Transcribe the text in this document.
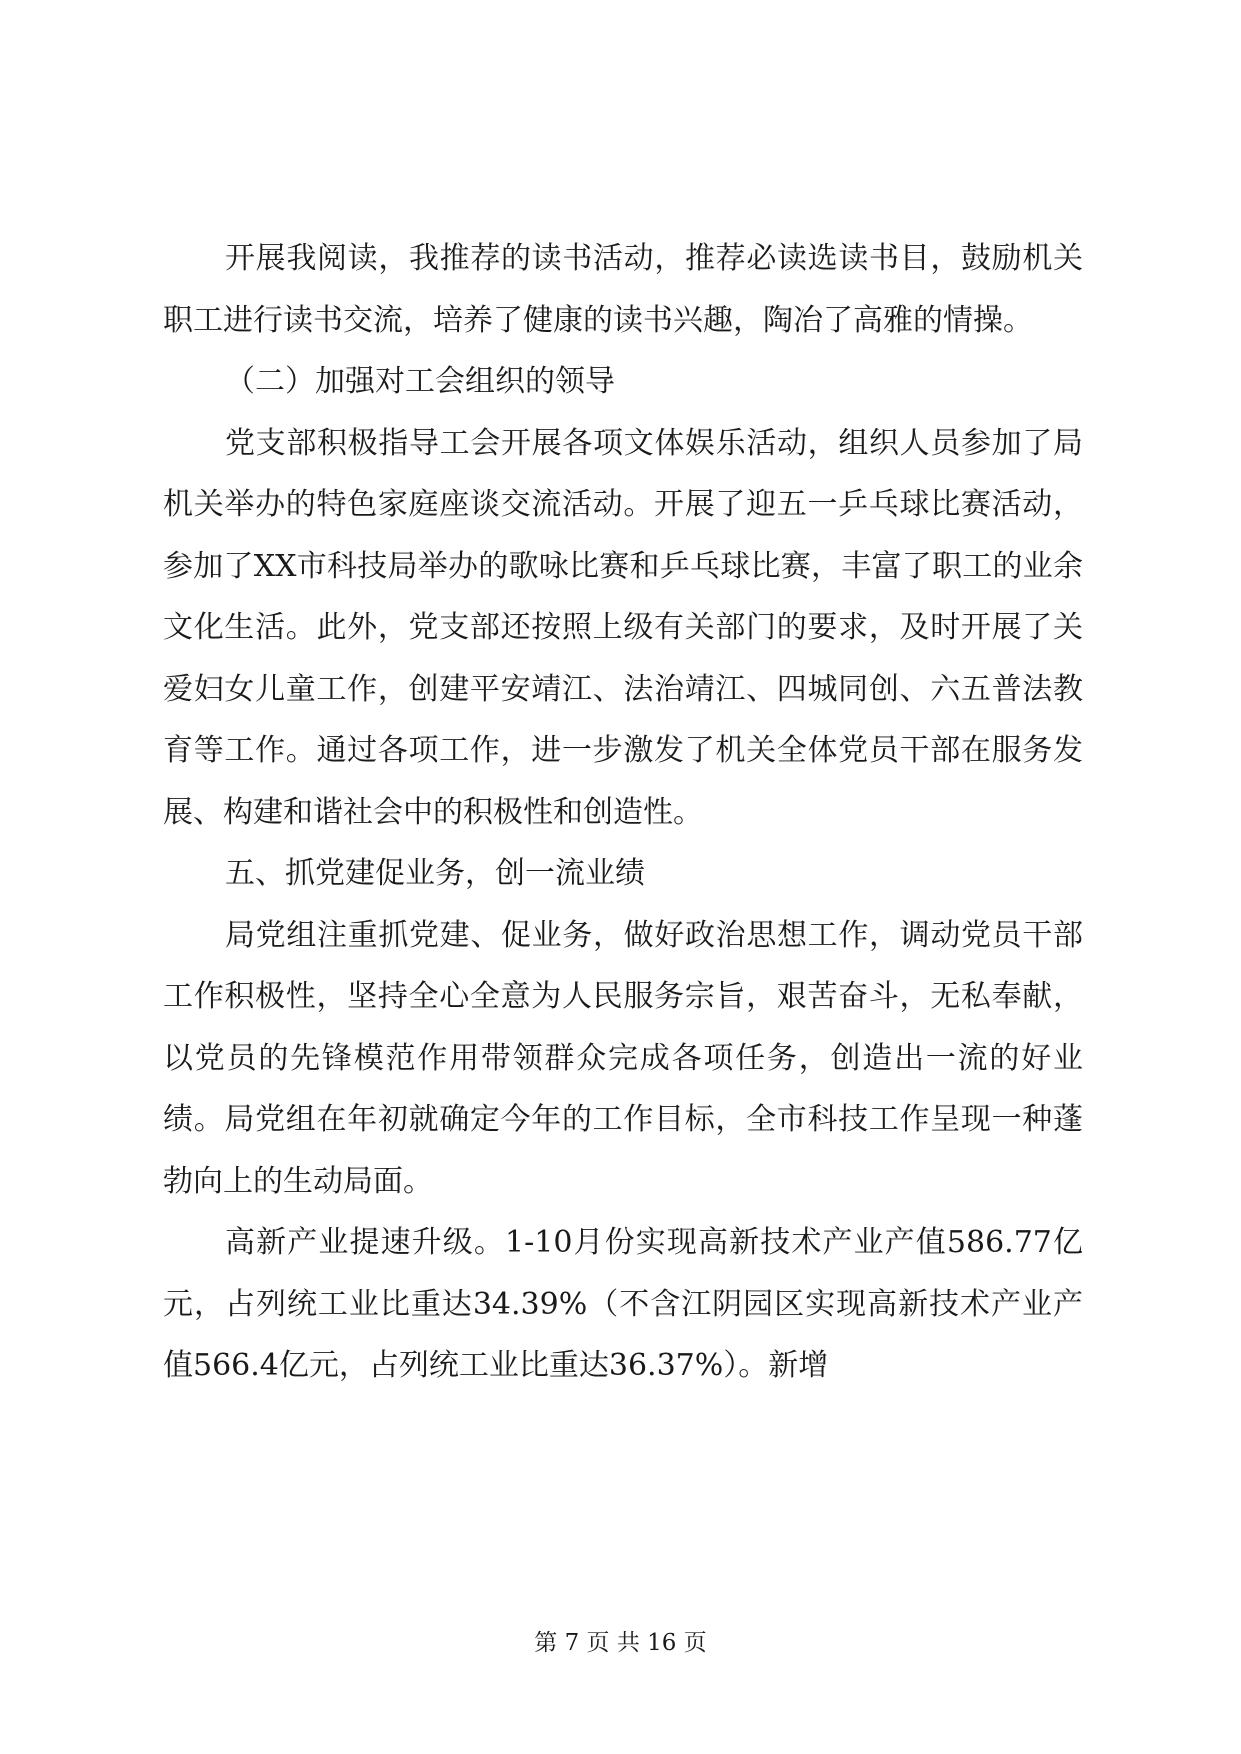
开展我阅读，我推荐的读书活动，推荐必读选读书目，鼓励机关职工进行读书交流，培养了健康的读书兴趣，陶冶了高雅的情操。

（二）加强对工会组织的领导

党支部积极指导工会开展各项文体娱乐活动，组织人员参加了局机关举办的特色家庭座谈交流活动。开展了迎五一乒乓球比赛活动，参加了XX市科技局举办的歌咏比赛和乒乓球比赛，丰富了职工的业余文化生活。此外，党支部还按照上级有关部门的要求，及时开展了关爱妇女儿童工作，创建平安靖江、法治靖江、四城同创、六五普法教育等工作。通过各项工作，进一步激发了机关全体党员干部在服务发展、构建和谐社会中的积极性和创造性。

五、抓党建促业务，创一流业绩

局党组注重抓党建、促业务，做好政治思想工作，调动党员干部工作积极性，坚持全心全意为人民服务宗旨，艰苦奋斗，无私奉献，以党员的先锋模范作用带领群众完成各项任务，创造出一流的好业绩。局党组在年初就确定今年的工作目标，全市科技工作呈现一种蓬勃向上的生动局面。

高新产业提速升级。1-10月份实现高新技术产业产值586.77亿元，占列统工业比重达34.39%（不含江阴园区实现高新技术产业产值566.4亿元，占列统工业比重达36.37%）。新增

第 7 页 共 16 页
